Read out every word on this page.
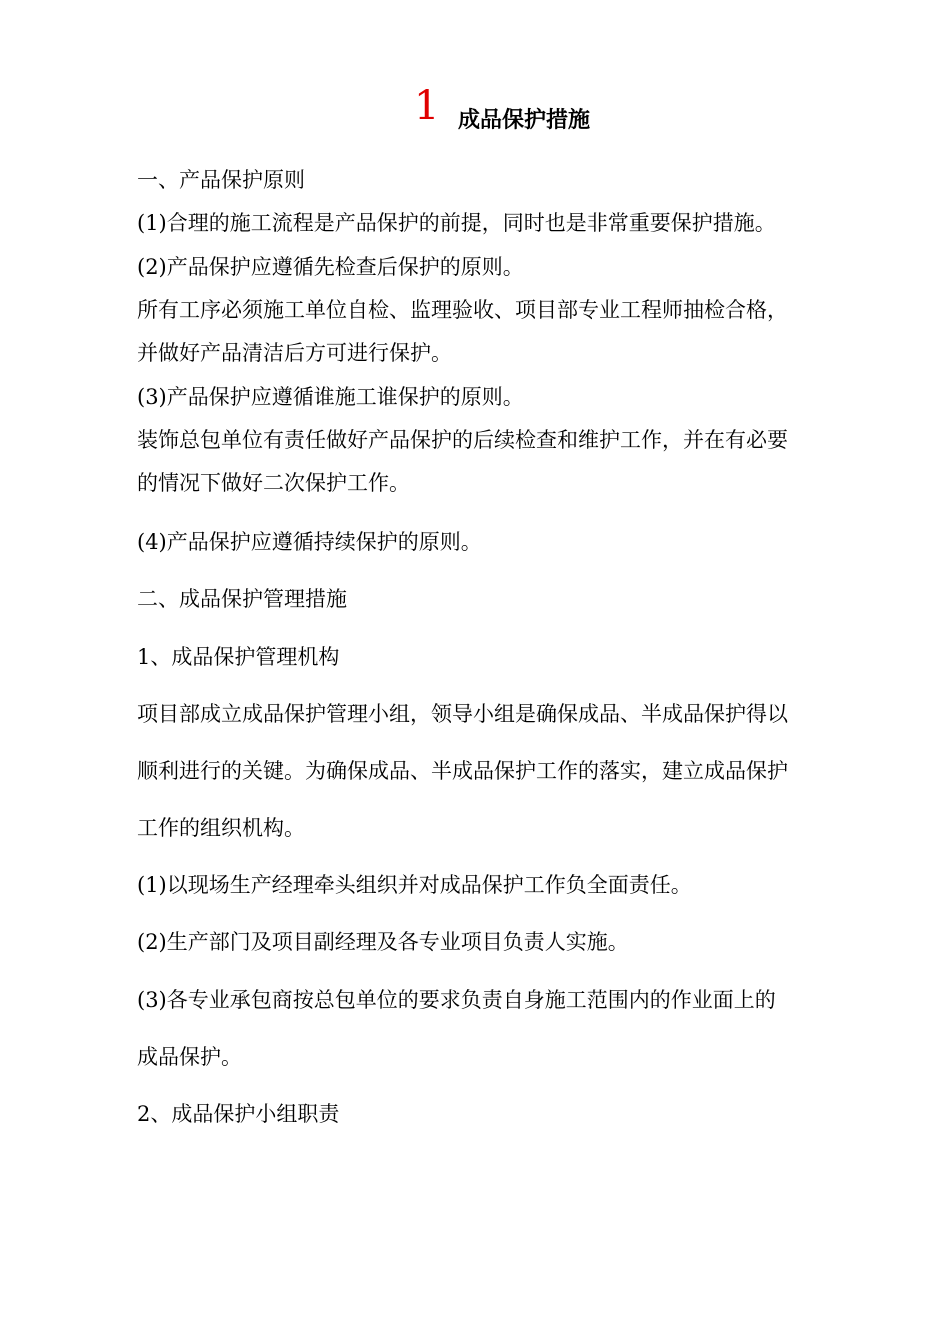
1 成品保护措施
一、产品保护原则
(1)合理的施工流程是产品保护的前提，同时也是非常重要保护措施。
(2)产品保护应遵循先检查后保护的原则。
所有工序必须施工单位自检、监理验收、项目部专业工程师抽检合格，
并做好产品清洁后方可进行保护。
(3)产品保护应遵循谁施工谁保护的原则。
装饰总包单位有责任做好产品保护的后续检查和维护工作，并在有必要
的情况下做好二次保护工作。
(4)产品保护应遵循持续保护的原则。
二、成品保护管理措施
1、成品保护管理机构
项目部成立成品保护管理小组，领导小组是确保成品、半成品保护得以
顺利进行的关键。为确保成品、半成品保护工作的落实，建立成品保护
工作的组织机构。
(1)以现场生产经理牵头组织并对成品保护工作负全面责任。
(2)生产部门及项目副经理及各专业项目负责人实施。
(3)各专业承包商按总包单位的要求负责自身施工范围内的作业面上的
成品保护。
2、成品保护小组职责
